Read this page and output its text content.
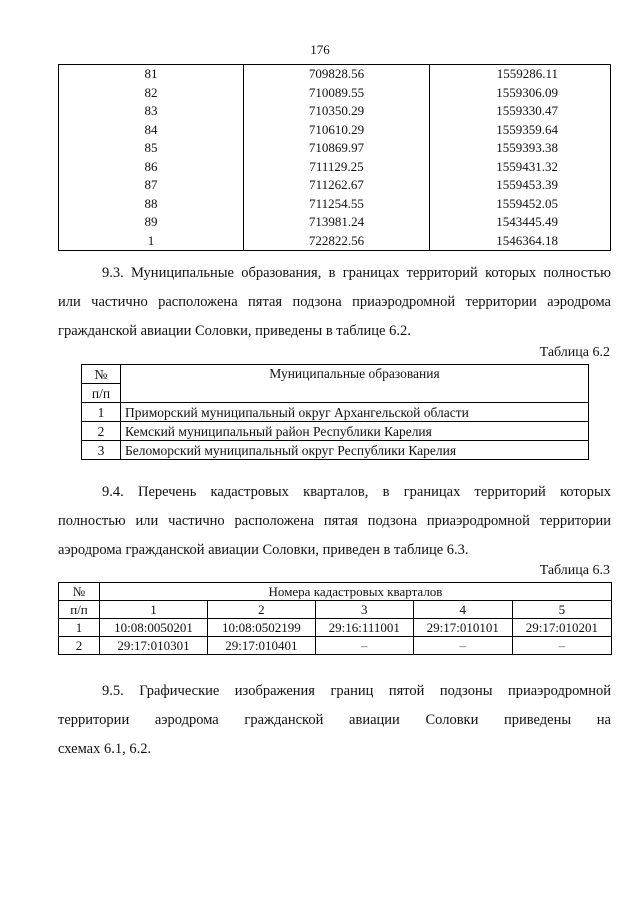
176
81	709828.56	1559286.11
82	710089.55	1559306.09
83	710350.29	1559330.47
84	710610.29	1559359.64
85	710869.97	1559393.38
86	711129.25	1559431.32
87	711262.67	1559453.39
88	711254.55	1559452.05
89	713981.24	1543445.49
1	722822.56	1546364.18
9.3. Муниципальные образования, в границах территорий которых полностью
или частично расположена пятая подзона приаэродромной территории аэродрома
гражданской авиации Соловки, приведены в таблице 6.2.
Таблица 6.2
№	Муниципальные образования
п/п	
1	Приморский муниципальный округ Архангельской области
2	Кемский муниципальный район Республики Карелия
3	Беломорский муниципальный округ Республики Карелия
9.4. Перечень кадастровых кварталов, в границах территорий которых
полностью или частично расположена пятая подзона приаэродромной территории
аэродрома гражданской авиации Соловки, приведен в таблице 6.3.
Таблица 6.3
№	Номера кадастровых кварталов				
п/п	1	2	3	4	5
1	10:08:0050201	10:08:0502199	29:16:111001	29:17:010101	29:17:010201
2	29:17:010301	29:17:010401	–	–	–
9.5. Графические изображения границ пятой подзоны приаэродромной
территории аэродрома гражданской авиации Соловки приведены на
схемах 6.1, 6.2.
